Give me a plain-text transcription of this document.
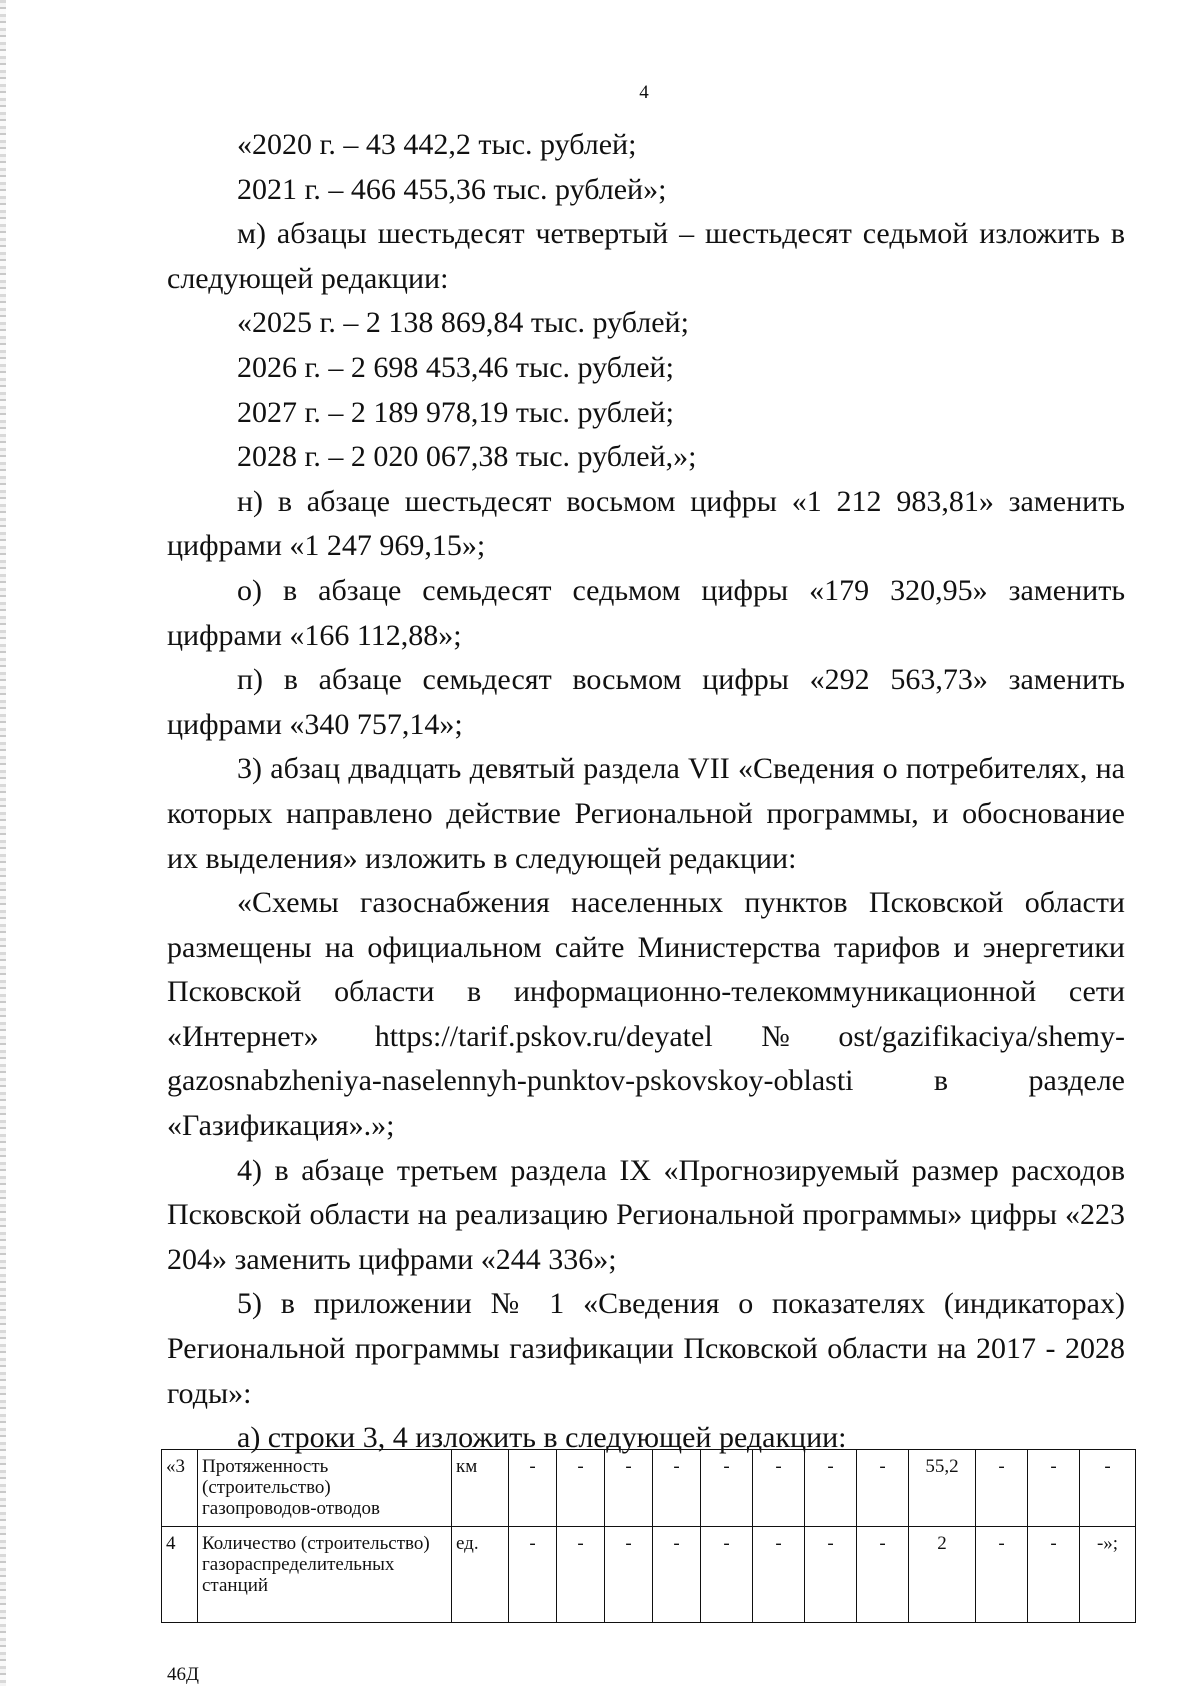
4

«2020 г. – 43 442,2 тыс. рублей;

2021 г. – 466 455,36 тыс. рублей»;

м) абзацы шестьдесят четвертый – шестьдесят седьмой изложить в следующей редакции:

«2025 г. – 2 138 869,84 тыс. рублей;

2026 г. – 2 698 453,46 тыс. рублей;

2027 г. – 2 189 978,19 тыс. рублей;

2028 г. – 2 020 067,38 тыс. рублей,»;

н) в абзаце шестьдесят восьмом цифры «1 212 983,81» заменить цифрами «1 247 969,15»;

о) в абзаце семьдесят седьмом цифры «179 320,95» заменить цифрами «166 112,88»;

п) в абзаце семьдесят восьмом цифры «292 563,73» заменить цифрами «340 757,14»;

3) абзац двадцать девятый раздела VII «Сведения о потребителях, на которых направлено действие Региональной программы, и обоснование их выделения» изложить в следующей редакции:

«Схемы газоснабжения населенных пунктов Псковской области размещены на официальном сайте Министерства тарифов и энергетики Псковской области в информационно-телекоммуникационной сети «Интернет» https://tarif.pskov.ru/deyatel№ost/gazifikaciya/shemy-gazosnabzheniya-naselennyh-punktov-pskovskoy-oblasti в разделе «Газификация».»;

4) в абзаце третьем раздела IX «Прогнозируемый размер расходов Псковской области на реализацию Региональной программы» цифры «223 204» заменить цифрами «244 336»;

5) в приложении № 1 «Сведения о показателях (индикаторах) Региональной программы газификации Псковской области на 2017 - 2028 годы»:

а) строки 3, 4 изложить в следующей редакции:

«3	Протяженность (строительство) газопроводов-отводов	км	-	-	-	-	-	-	-	-	55,2	-	-	-
4	Количество (строительство) газораспределительных станций	ед.	-	-	-	-	-	-	-	-	2	-	-	-»;
46Д
